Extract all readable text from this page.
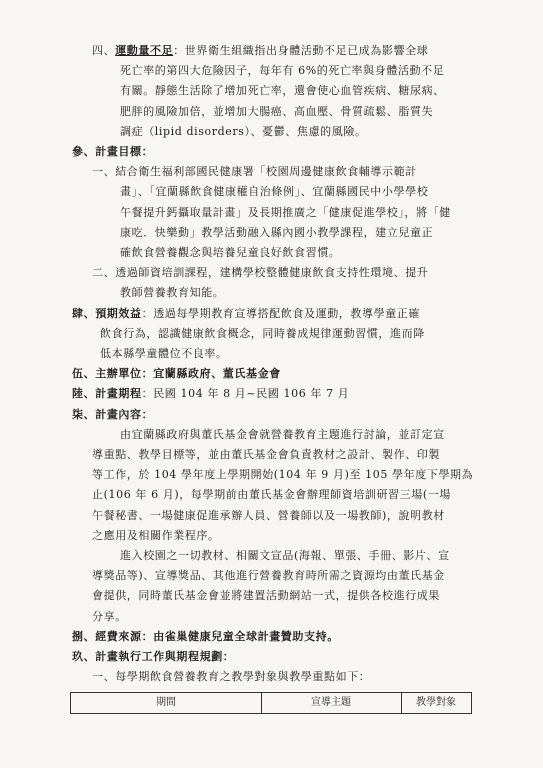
四、運動量不足：世界衛生組織指出身體活動不足已成為影響全球
死亡率的第四大危險因子，每年有 6%的死亡率與身體活動不足
有關。靜態生活除了增加死亡率，還會使心血管疾病、糖尿病、
肥胖的風險加倍，並增加大腸癌、高血壓、骨質疏鬆、脂質失
調症（lipid disorders）、憂鬱、焦慮的風險。
參、計畫目標：
一、結合衛生福利部國民健康署「校園周邊健康飲食輔導示範計
畫」、「宜蘭縣飲食健康權自治條例」、宜蘭縣國民中小學學校
午餐提升鈣攝取量計畫」及長期推廣之「健康促進學校」，將「健
康吃．快樂動」教學活動融入縣內國小教學課程，建立兒童正
確飲食營養觀念與培養兒童良好飲食習慣。
二、透過師資培訓課程，建構學校整體健康飲食支持性環境、提升
教師營養教育知能。
肆、預期效益：透過每學期教育宣導搭配飲食及運動，教導學童正確
飲食行為，認識健康飲食概念，同時養成規律運動習慣，進而降
低本縣學童體位不良率。
伍、主辦單位：宜蘭縣政府、董氏基金會
陸、計畫期程：民國 104 年 8 月~民國 106 年 7 月
柒、計畫內容：
由宜蘭縣政府與董氏基金會就營養教育主題進行討論，並訂定宣
導重點、教學目標等，並由董氏基金會負責教材之設計、製作、印製
等工作，於 104 學年度上學期開始(104 年 9 月)至 105 學年度下學期為
止(106 年 6 月)，每學期前由董氏基金會辦理師資培訓研習三場(一場
午餐秘書、一場健康促進承辦人員、營養師以及一場教師)，說明教材
之應用及相關作業程序。
進入校園之一切教材、相關文宣品(海報、單張、手冊、影片、宣
導獎品等)、宣導獎品、其他進行營養教育時所需之資源均由董氏基金
會提供，同時董氏基金會並將建置活動網站一式，提供各校進行成果
分享。
捌、經費來源：由雀巢健康兒童全球計畫贊助支持。
玖、計畫執行工作與期程規劃：
一、每學期飲食營養教育之教學對象與教學重點如下：
期間	宣導主題	教學對象
